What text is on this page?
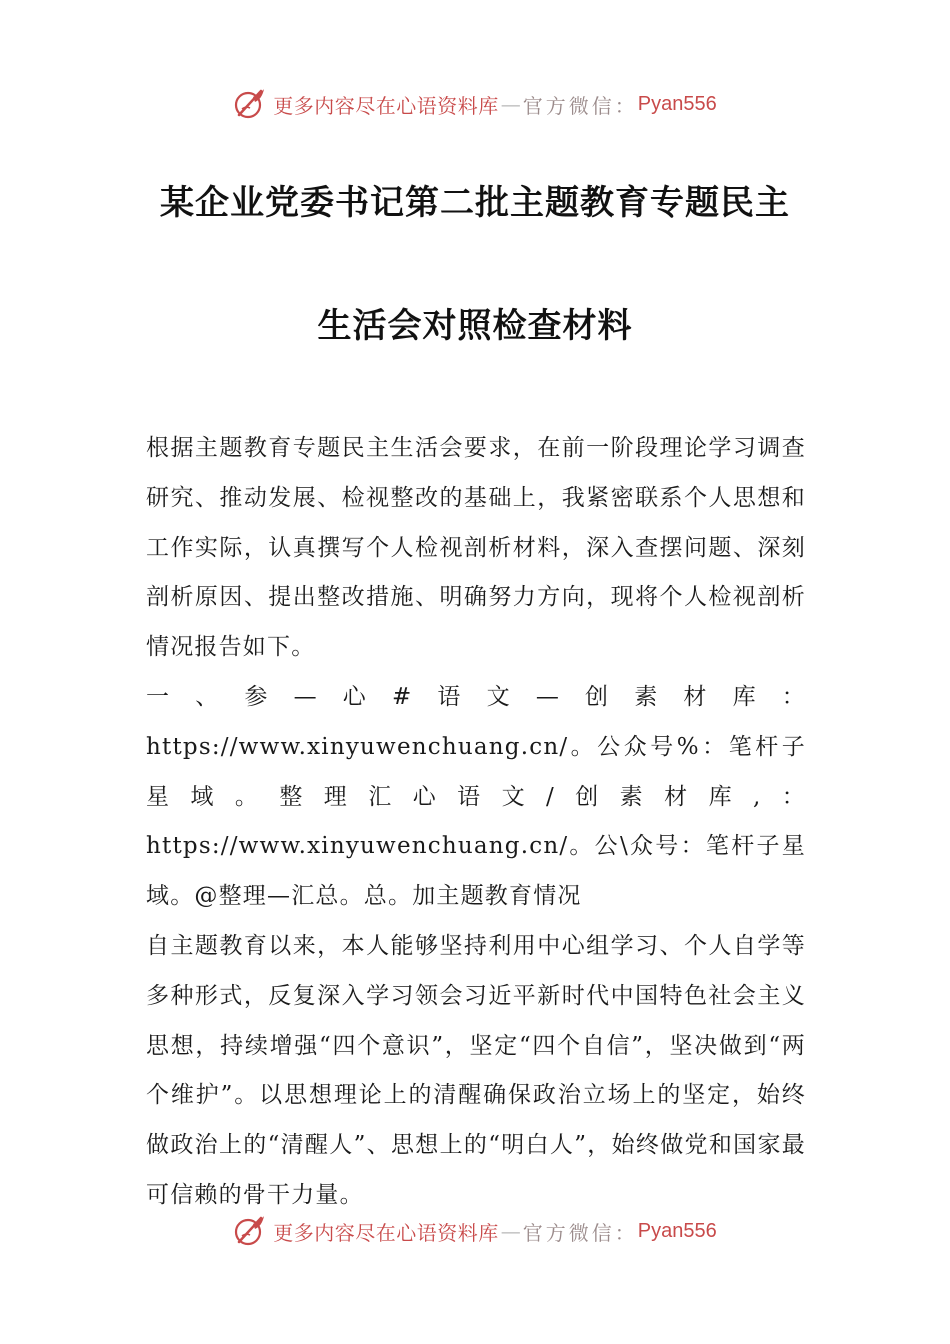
更多内容尽在心语资料库 — 官方微信： Pyan556
某企业党委书记第二批主题教育专题民主
生活会对照检查材料

根据主题教育专题民主生活会要求，在前一阶段理论学习调查研究、推动发展、检视整改的基础上，我紧密联系个人思想和工作实际，认真撰写个人检视剖析材料，深入查摆问题、深刻剖析原因、提出整改措施、明确努力方向，现将个人检视剖析情况报告如下。

一、参—心#语文—创素材库：https://www.xinyuwenchuang.cn/。公众号%：笔杆子星域。整理汇心语文/创素材库,：https://www.xinyuwenchuang.cn/。公\众号：笔杆子星域。@整理—汇总。总。加主题教育情况

自主题教育以来，本人能够坚持利用中心组学习、个人自学等多种形式，反复深入学习领会习近平新时代中国特色社会主义思想，持续增强“四个意识”，坚定“四个自信”，坚决做到“两个维护”。以思想理论上的清醒确保政治立场上的坚定，始终做政治上的“清醒人”、思想上的“明白人”，始终做党和国家最可信赖的骨干力量。

更多内容尽在心语资料库 — 官方微信： Pyan556
